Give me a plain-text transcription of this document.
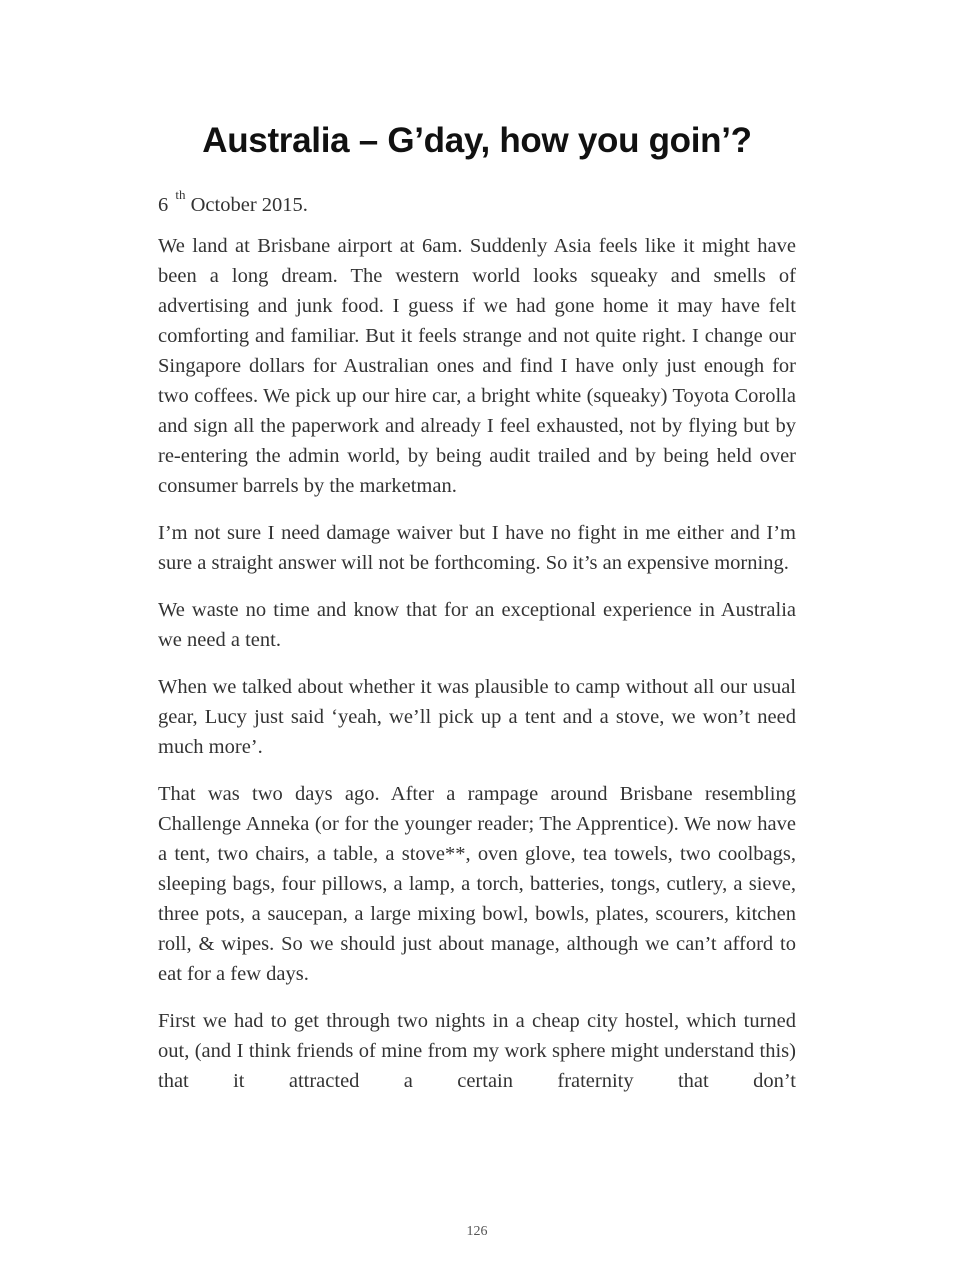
Australia – G’day, how you goin’?
6 $^{th}$ October 2015.

We land at Brisbane airport at 6am. Suddenly Asia feels like it might have been a long dream. The western world looks squeaky and smells of advertising and junk food. I guess if we had gone home it may have felt comforting and familiar. But it feels strange and not quite right. I change our Singapore dollars for Australian ones and find I have only just enough for two coffees. We pick up our hire car, a bright white (squeaky) Toyota Corolla and sign all the paperwork and already I feel exhausted, not by flying but by re-entering the admin world, by being audit trailed and by being held over consumer barrels by the marketman.

I’m not sure I need damage waiver but I have no fight in me either and I’m sure a straight answer will not be forthcoming. So it’s an expensive morning.

We waste no time and know that for an exceptional experience in Australia we need a tent.

When we talked about whether it was plausible to camp without all our usual gear, Lucy just said ‘yeah, we’ll pick up a tent and a stove, we won’t need much more’.

That was two days ago. After a rampage around Brisbane resembling Challenge Anneka (or for the younger reader; The Apprentice). We now have a tent, two chairs, a table, a stove**, oven glove, tea towels, two coolbags, sleeping bags, four pillows, a lamp, a torch, batteries, tongs, cutlery, a sieve, three pots, a saucepan, a large mixing bowl, bowls, plates, scourers, kitchen roll, & wipes. So we should just about manage, although we can’t afford to eat for a few days.

First we had to get through two nights in a cheap city hostel, which turned out, (and I think friends of mine from my work sphere might understand this) that it attracted a certain fraternity that don’t

126
